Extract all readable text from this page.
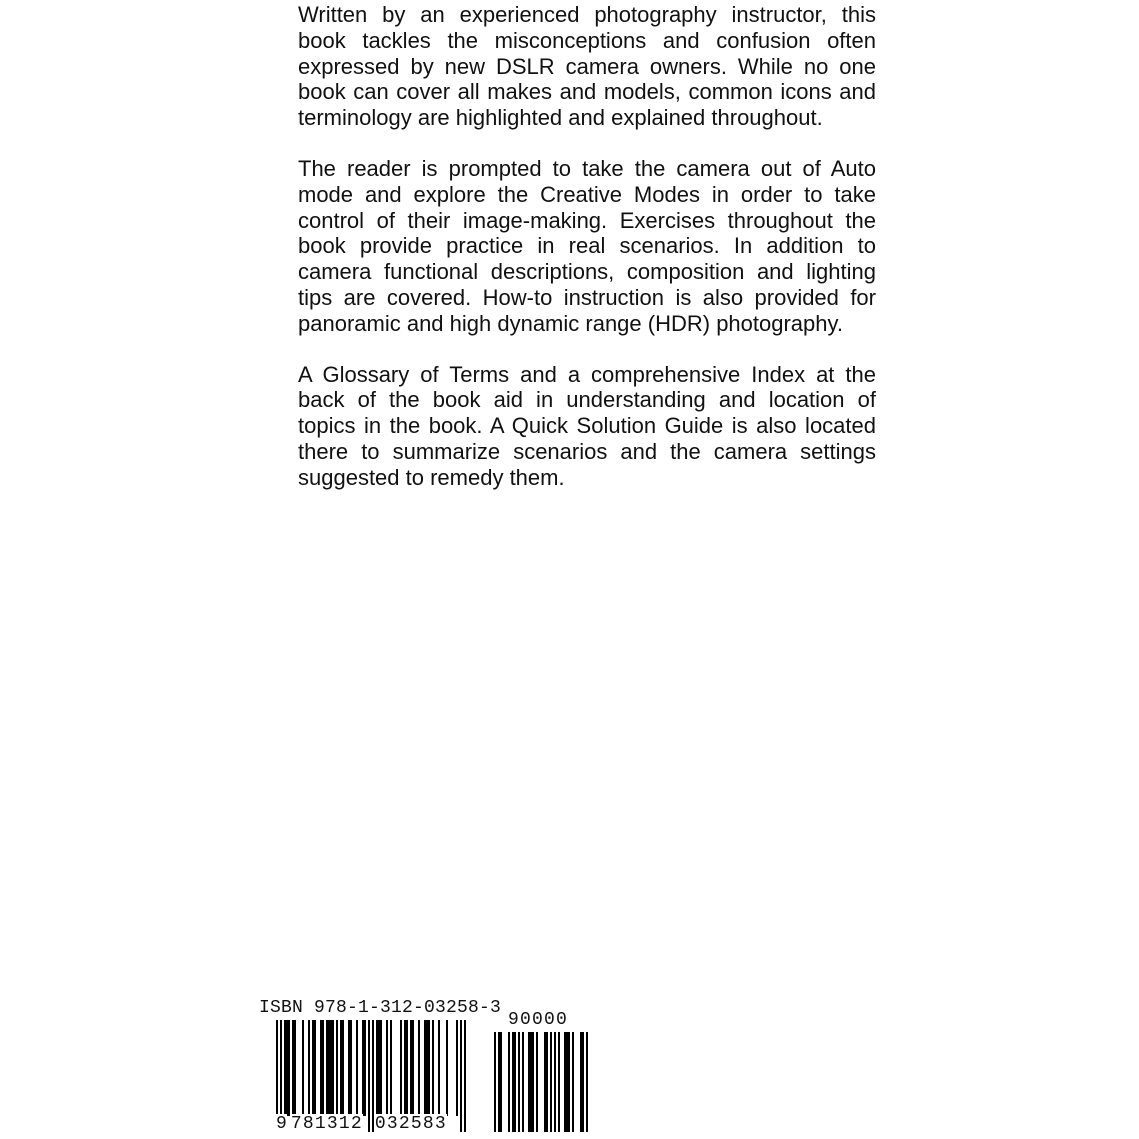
Written by an experienced photography instructor, this book tackles the misconceptions and confusion often expressed by new DSLR camera owners. While no one book can cover all makes and models, common icons and terminology are highlighted and explained throughout.

The reader is prompted to take the camera out of Auto mode and explore the Creative Modes in order to take control of their image-making. Exercises throughout the book provide practice in real scenarios. In addition to camera functional descriptions, composition and lighting tips are covered. How-to instruction is also provided for panoramic and high dynamic range (HDR) photography.

A Glossary of Terms and a comprehensive Index at the back of the book aid in understanding and location of topics in the book. A Quick Solution Guide is also located there to summarize scenarios and the camera settings suggested to remedy them.

ISBN 978-1-312-03258-3
90000
9 781312 032583
